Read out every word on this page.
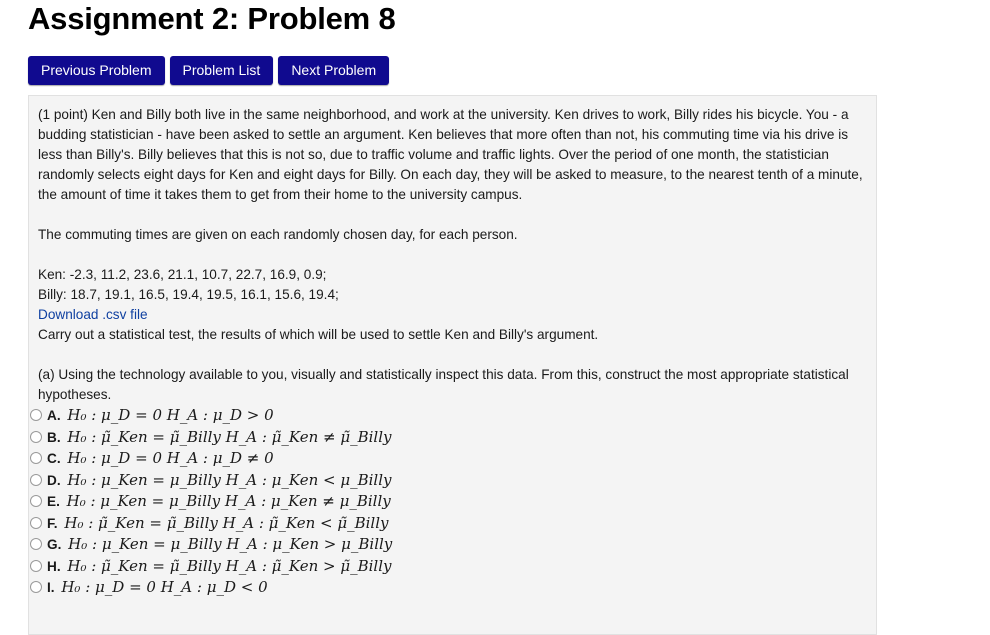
Assignment 2: Problem 8
Previous Problem	Problem List	Next Problem

(1 point) Ken and Billy both live in the same neighborhood, and work at the university. Ken drives to work, Billy rides his bicycle. You - a budding statistician - have been asked to settle an argument. Ken believes that more often than not, his commuting time via his drive is less than Billy's. Billy believes that this is not so, due to traffic volume and traffic lights. Over the period of one month, the statistician randomly selects eight days for Ken and eight days for Billy. On each day, they will be asked to measure, to the nearest tenth of a minute, the amount of time it takes them to get from their home to the university campus.

The commuting times are given on each randomly chosen day, for each person.

Ken: -2.3, 11.2, 23.6, 21.1, 10.7, 22.7, 16.9, 0.9;

Billy: 18.7, 19.1, 16.5, 19.4, 19.5, 16.1, 15.6, 19.4;

Download .csv file

Carry out a statistical test, the results of which will be used to settle Ken and Billy's argument.

(a) Using the technology available to you, visually and statistically inspect this data. From this, construct the most appropriate statistical hypotheses.

A. H₀ : μ_D = 0 H_A : μ_D > 0
B. H₀ : μ̃_Ken = μ̃_Billy H_A : μ̃_Ken ≠ μ̃_Billy
C. H₀ : μ_D = 0 H_A : μ_D ≠ 0
D. H₀ : μ_Ken = μ_Billy H_A : μ_Ken < μ_Billy
E. H₀ : μ_Ken = μ_Billy H_A : μ_Ken ≠ μ_Billy
F. H₀ : μ̃_Ken = μ̃_Billy H_A : μ̃_Ken < μ̃_Billy
G. H₀ : μ_Ken = μ_Billy H_A : μ_Ken > μ_Billy
H. H₀ : μ̃_Ken = μ̃_Billy H_A : μ̃_Ken > μ̃_Billy
I. H₀ : μ_D = 0 H_A : μ_D < 0
